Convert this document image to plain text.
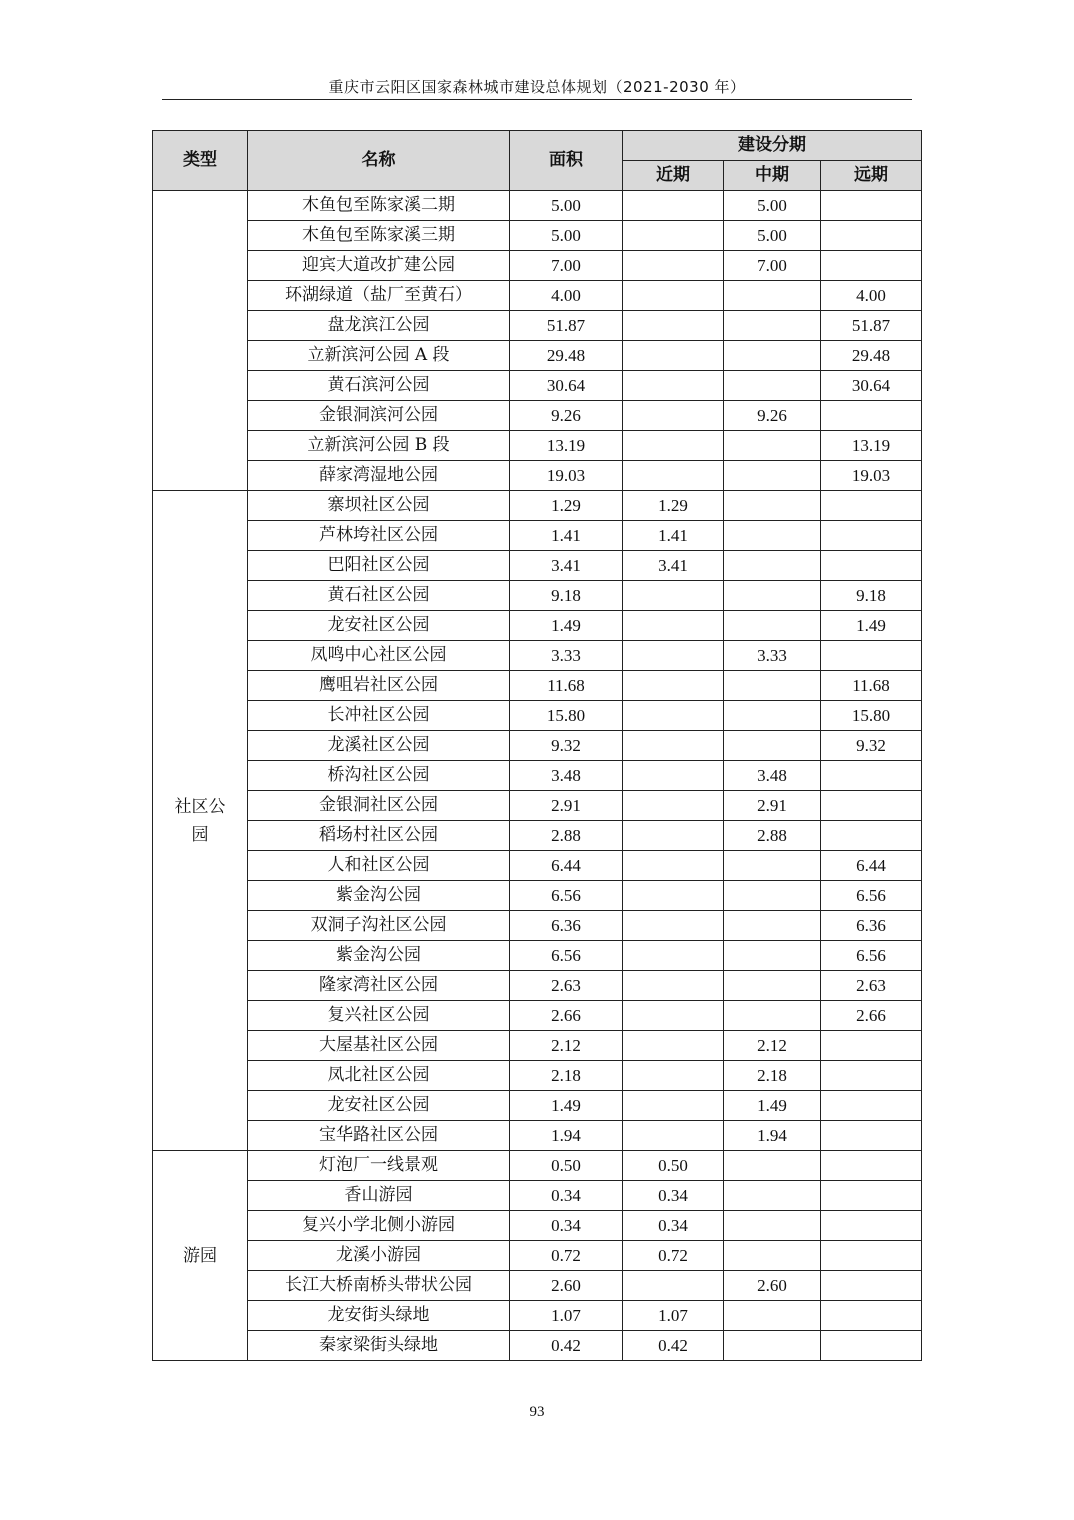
重庆市云阳区国家森林城市建设总体规划（2021-2030 年）
类型	名称	面积	建设分期		
			近期	中期	远期
	木鱼包至陈家溪二期	5.00		5.00	
	木鱼包至陈家溪三期	5.00		5.00	
	迎宾大道改扩建公园	7.00		7.00	
	环湖绿道（盐厂至黄石）	4.00			4.00
	盘龙滨江公园	51.87			51.87
	立新滨河公园 A 段	29.48			29.48
	黄石滨河公园	30.64			30.64
	金银洞滨河公园	9.26		9.26	
	立新滨河公园 B 段	13.19			13.19
	薛家湾湿地公园	19.03			19.03
社区公园	寨坝社区公园	1.29	1.29		
	芦林垮社区公园	1.41	1.41		
	巴阳社区公园	3.41	3.41		
	黄石社区公园	9.18			9.18
	龙安社区公园	1.49			1.49
	凤鸣中心社区公园	3.33		3.33	
	鹰咀岩社区公园	11.68			11.68
	长冲社区公园	15.80			15.80
	龙溪社区公园	9.32			9.32
	桥沟社区公园	3.48		3.48	
	金银洞社区公园	2.91		2.91	
	稻场村社区公园	2.88		2.88	
	人和社区公园	6.44			6.44
	紫金沟公园	6.56			6.56
	双洞子沟社区公园	6.36			6.36
	紫金沟公园	6.56			6.56
	隆家湾社区公园	2.63			2.63
	复兴社区公园	2.66			2.66
	大屋基社区公园	2.12		2.12	
	凤北社区公园	2.18		2.18	
	龙安社区公园	1.49		1.49	
	宝华路社区公园	1.94		1.94	
游园	灯泡厂一线景观	0.50	0.50		
	香山游园	0.34	0.34		
	复兴小学北侧小游园	0.34	0.34		
	龙溪小游园	0.72	0.72		
	长江大桥南桥头带状公园	2.60		2.60	
	龙安街头绿地	1.07	1.07		
	秦家梁街头绿地	0.42	0.42		
93
